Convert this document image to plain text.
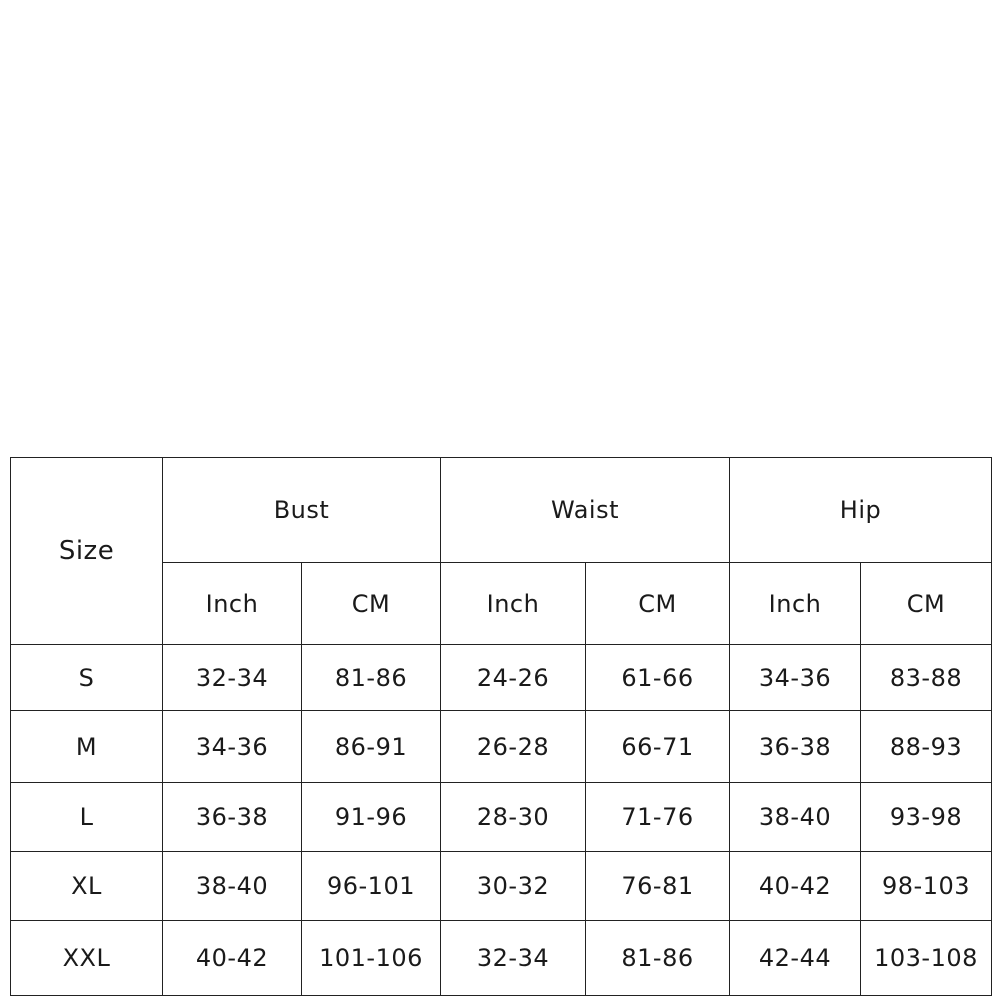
Size	Bust		Waist		Hip	
	Inch	CM	Inch	CM	Inch	CM
S	32-34	81-86	24-26	61-66	34-36	83-88
M	34-36	86-91	26-28	66-71	36-38	88-93
L	36-38	91-96	28-30	71-76	38-40	93-98
XL	38-40	96-101	30-32	76-81	40-42	98-103
XXL	40-42	101-106	32-34	81-86	42-44	103-108
